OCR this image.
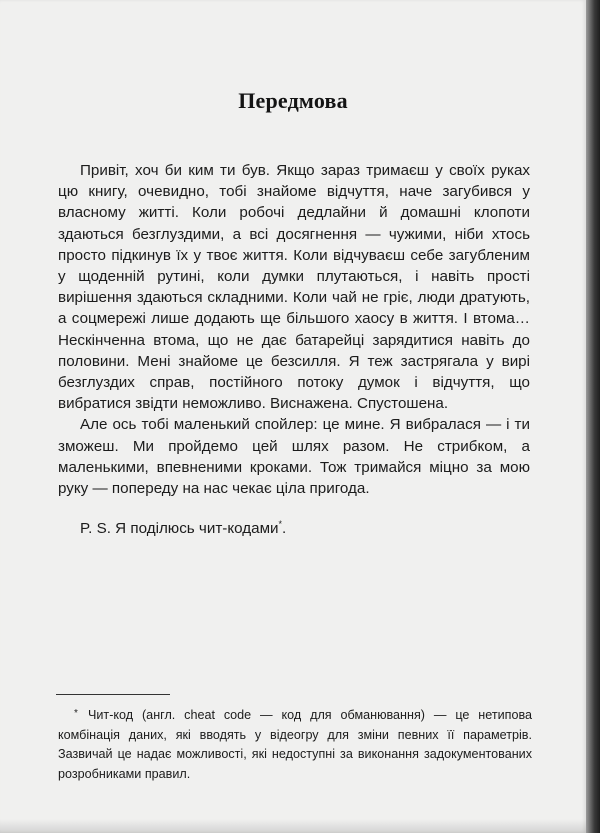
Передмова

Привіт, хоч би ким ти був. Якщо зараз тримаєш у своїх руках цю книгу, очевидно, тобі знайоме відчуття, наче загубився у власному житті. Коли робочі дедлайни й домашні клопоти здаються безглуздими, а всі досягнення — чужими, ніби хтось просто підкинув їх у твоє життя. Коли відчуваєш себе загубленим у щоденній рутині, коли думки плутаються, і навіть прості вирішення здаються складними. Коли чай не гріє, люди дратують, а соцмережі лише додають ще більшого хаосу в життя. І втома… Нескінченна втома, що не дає батарейці зарядитися навіть до половини. Мені знайоме це безсилля. Я теж застрягала у вирі безглуздих справ, постійного потоку думок і відчуття, що вибратися звідти неможливо. Виснажена. Спустошена.

Але ось тобі маленький спойлер: це мине. Я вибралася — і ти зможеш. Ми пройдемо цей шлях разом. Не стрибком, а маленькими, впевненими кроками. Тож тримайся міцно за мою руку — попереду на нас чекає ціла пригода.

P. S. Я поділюсь чит-кодами*.

* Чит-код (англ. cheat code — код для обманювання) — це нетипова комбінація даних, які вводять у відеогру для зміни певних її параметрів. Зазвичай це надає можливості, які недоступні за виконання задокументованих розробниками правил.
